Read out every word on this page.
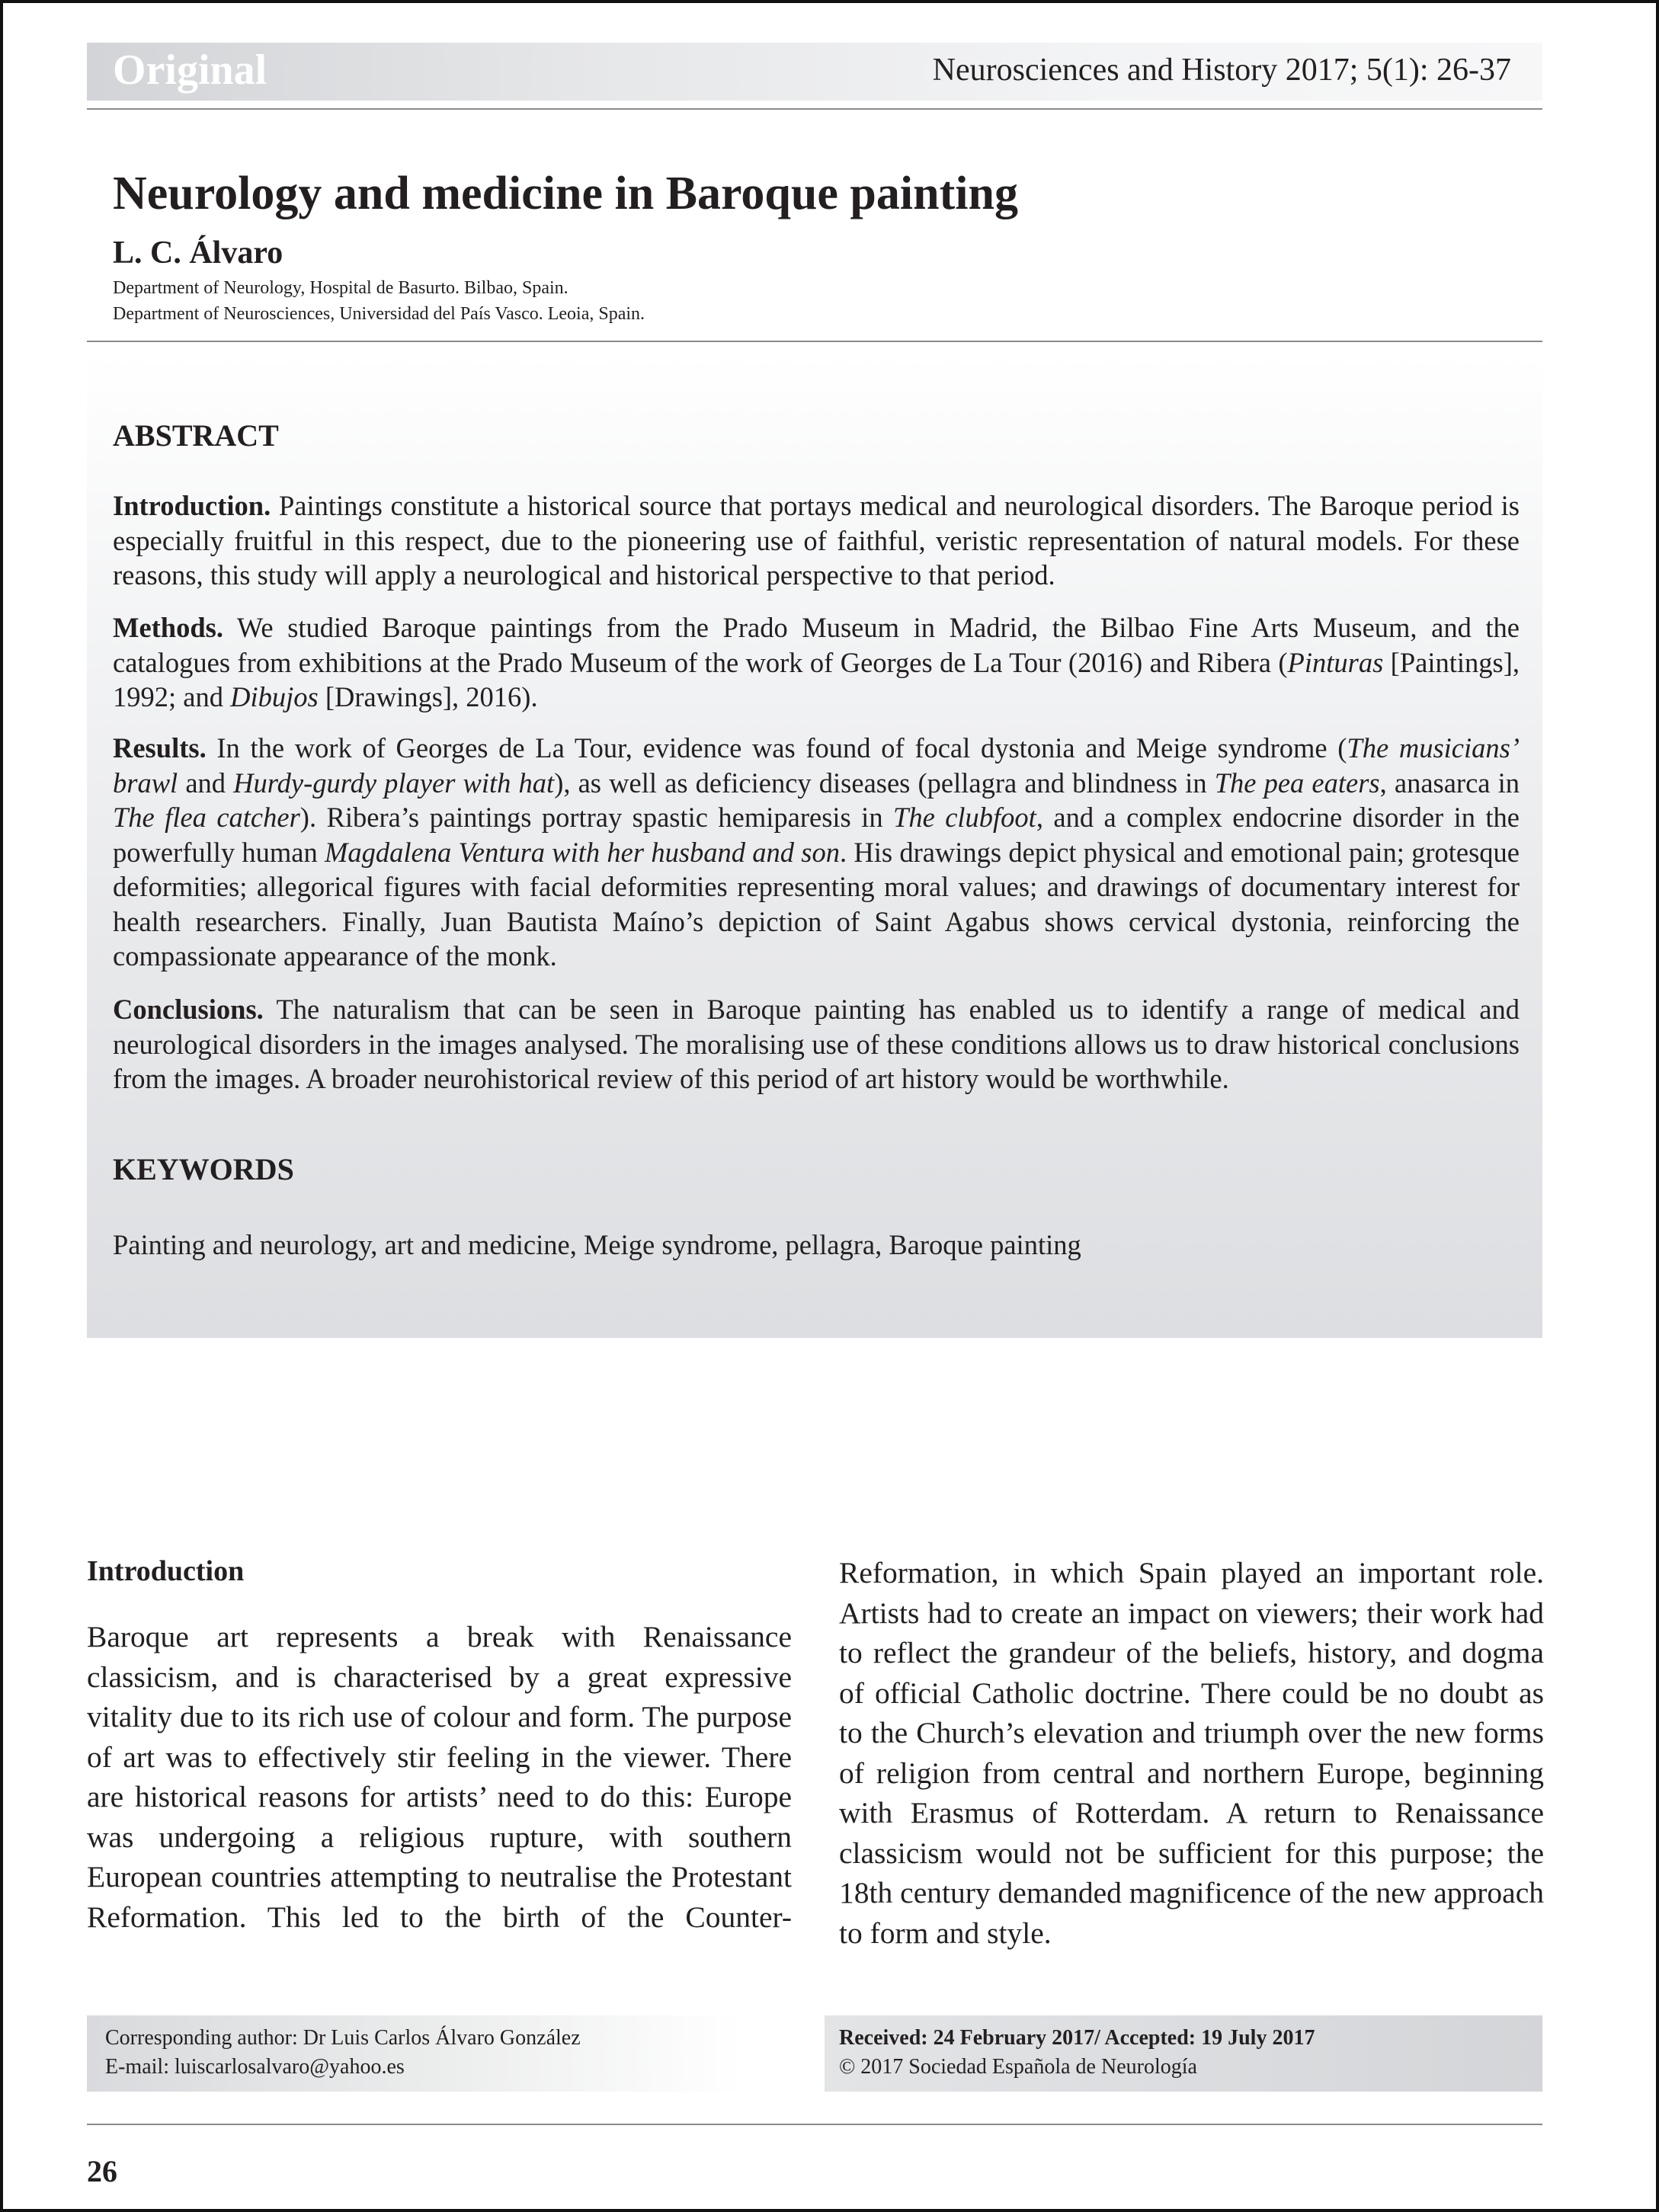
Original	Neurosciences and History 2017; 5(1): 26-37
Neurology and medicine in Baroque painting
L. C. Álvaro
Department of Neurology, Hospital de Basurto. Bilbao, Spain.
Department of Neurosciences, Universidad del País Vasco. Leoia, Spain.
ABSTRACT

Introduction. Paintings constitute a historical source that portays medical and neurological disorders. The Baroque period is especially fruitful in this respect, due to the pioneering use of faithful, veristic representation of natural models. For these reasons, this study will apply a neurological and historical perspective to that period.

Methods. We studied Baroque paintings from the Prado Museum in Madrid, the Bilbao Fine Arts Museum, and the catalogues from exhibitions at the Prado Museum of the work of Georges de La Tour (2016) and Ribera (Pinturas [Paintings], 1992; and Dibujos [Drawings], 2016).

Results. In the work of Georges de La Tour, evidence was found of focal dystonia and Meige syndrome (The musicians’ brawl and Hurdy-gurdy player with hat), as well as deficiency diseases (pellagra and blindness in The pea eaters, anasarca in The flea catcher). Ribera’s paintings portray spastic hemiparesis in The clubfoot, and a complex endocrine disorder in the powerfully human Magdalena Ventura with her husband and son. His drawings depict physical and emotional pain; grotesque deformities; allegorical figures with facial deformities representing moral values; and drawings of documentary interest for health researchers. Finally, Juan Bautista Maíno’s depiction of Saint Agabus shows cervical dystonia, reinforcing the compassionate appearance of the monk.

Conclusions. The naturalism that can be seen in Baroque painting has enabled us to identify a range of medical and neurological disorders in the images analysed. The moralising use of these conditions allows us to draw historical conclusions from the images. A broader neurohistorical review of this period of art history would be worthwhile.

KEYWORDS
Painting and neurology, art and medicine, Meige syndrome, pellagra, Baroque painting
Introduction

Baroque art represents a break with Renaissance classicism, and is characterised by a great expressive vitality due to its rich use of colour and form. The purpose of art was to effectively stir feeling in the viewer. There are historical reasons for artists’ need to do this: Europe was undergoing a religious rupture, with southern European countries attempting to neutralise the Protestant Reformation. This led to the birth of the Counter-

Reformation, in which Spain played an important role. Artists had to create an impact on viewers; their work had to reflect the grandeur of the beliefs, history, and dogma of official Catholic doctrine. There could be no doubt as to the Church’s elevation and triumph over the new forms of religion from central and northern Europe, beginning with Erasmus of Rotterdam. A return to Renaissance classicism would not be sufficient for this purpose; the 18th century demanded magnificence of the new approach to form and style.

Corresponding author: Dr Luis Carlos Álvaro González
E-mail: luiscarlosalvaro@yahoo.es
Received: 24 February 2017/ Accepted: 19 July 2017
© 2017 Sociedad Española de Neurología
26
